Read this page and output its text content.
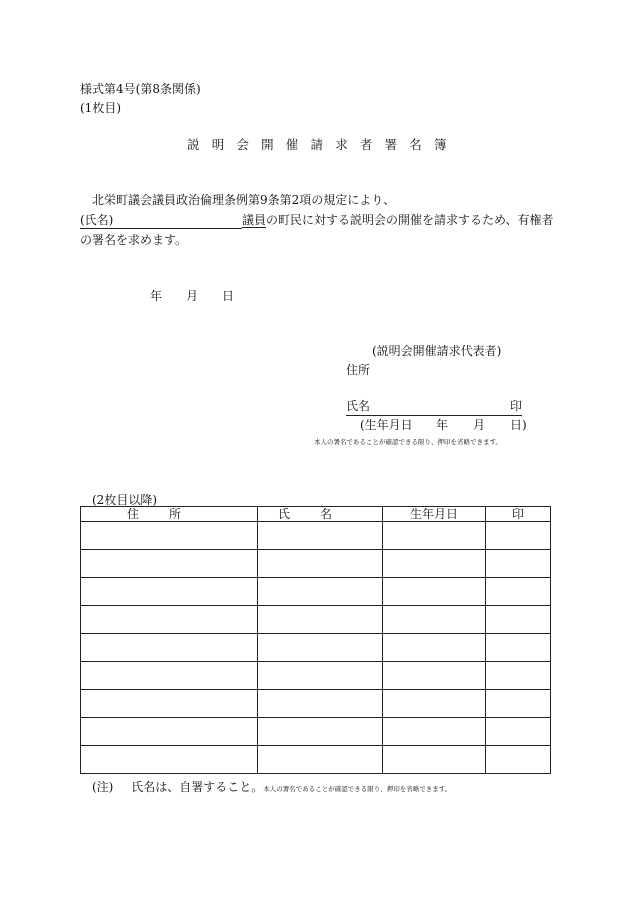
様式第4号(第8条関係)
(1枚目)
説明会開催請求者署名簿
北栄町議会議員政治倫理条例第9条第2項の規定により、
(氏名)	議員の町民に対する説明会の開催を請求するため、有権者
の署名を求めます。
年 月 日
(説明会開催請求代表者)
住所
氏名	印
(生年月日 年 月 日)
本人の署名であることが確認できる限り、押印を省略できます。
(2枚目以降)
住所	氏名	生年月日	印

(注) 氏名は、自署すること。本人の署名であることが確認できる限り、押印を省略できます。
